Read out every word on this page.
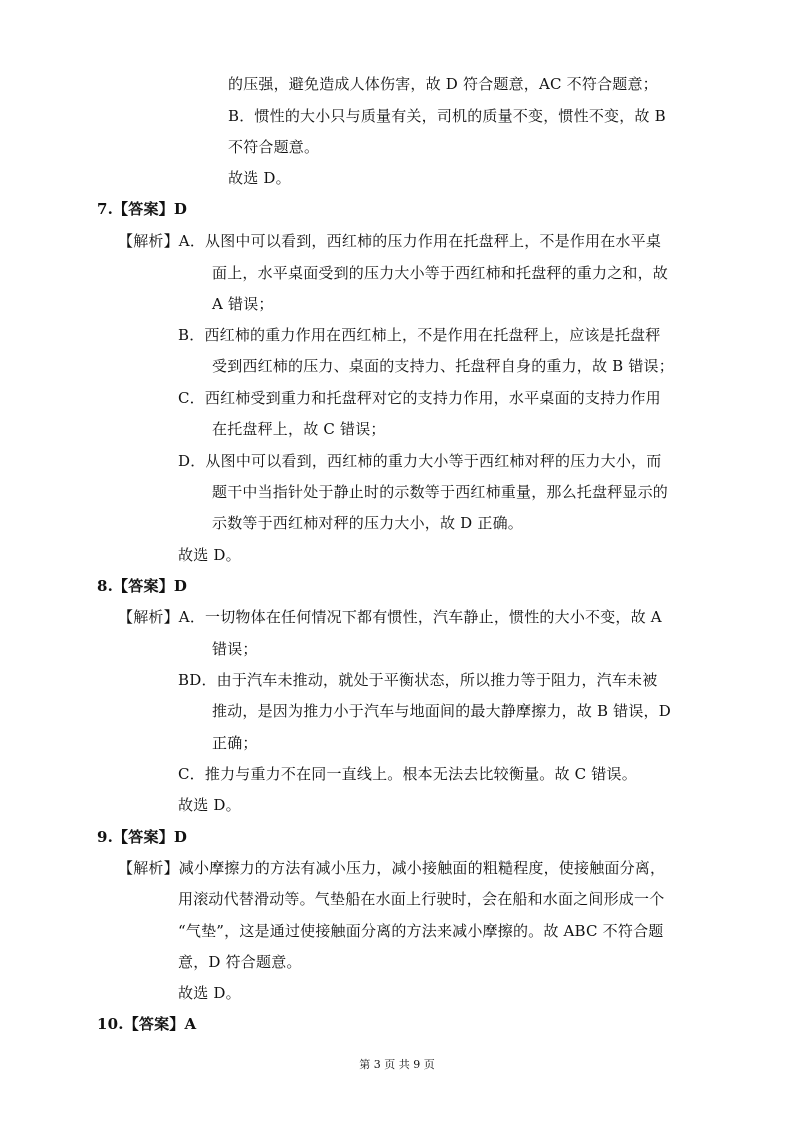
的压强，避免造成人体伤害，故 D 符合题意，AC 不符合题意；
B．惯性的大小只与质量有关，司机的质量不变，惯性不变，故 B
不符合题意。
故选 D。
7.【答案】D
【解析】A．从图中可以看到，西红柿的压力作用在托盘秤上，不是作用在水平桌
面上，水平桌面受到的压力大小等于西红柿和托盘秤的重力之和，故
A 错误；
B．西红柿的重力作用在西红柿上，不是作用在托盘秤上，应该是托盘秤
受到西红柿的压力、桌面的支持力、托盘秤自身的重力，故 B 错误；
C．西红柿受到重力和托盘秤对它的支持力作用，水平桌面的支持力作用
在托盘秤上，故 C 错误；
D．从图中可以看到，西红柿的重力大小等于西红柿对秤的压力大小，而
题干中当指针处于静止时的示数等于西红柿重量，那么托盘秤显示的
示数等于西红柿对秤的压力大小，故 D 正确。
故选 D。
8.【答案】D
【解析】A．一切物体在任何情况下都有惯性，汽车静止，惯性的大小不变，故 A
错误；
BD．由于汽车未推动，就处于平衡状态，所以推力等于阻力，汽车未被
推动，是因为推力小于汽车与地面间的最大静摩擦力，故 B 错误，D
正确；
C．推力与重力不在同一直线上。根本无法去比较衡量。故 C 错误。
故选 D。
9.【答案】D
【解析】减小摩擦力的方法有减小压力，减小接触面的粗糙程度，使接触面分离，
用滚动代替滑动等。气垫船在水面上行驶时，会在船和水面之间形成一个
“气垫”，这是通过使接触面分离的方法来减小摩擦的。故 ABC 不符合题
意，D 符合题意。
故选 D。
10.【答案】A
第 3 页 共 9 页
